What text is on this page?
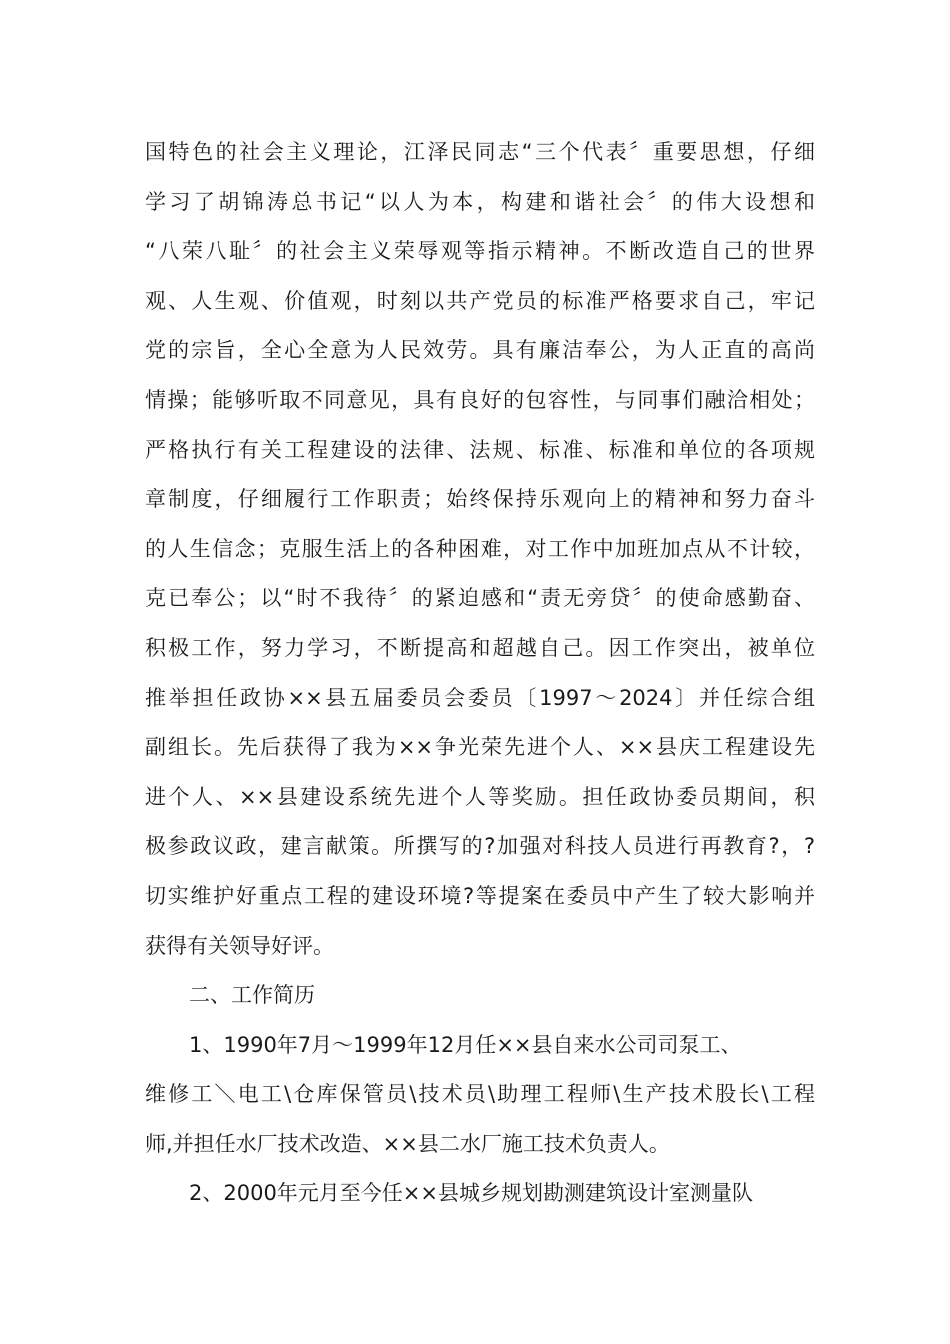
国特色的社会主义理论，江泽民同志“三个代表〞重要思想，仔细
学习了胡锦涛总书记“以人为本，构建和谐社会〞的伟大设想和
“八荣八耻〞的社会主义荣辱观等指示精神。不断改造自己的世界
观、人生观、价值观，时刻以共产党员的标准严格要求自己，牢记
党的宗旨，全心全意为人民效劳。具有廉洁奉公，为人正直的高尚
情操；能够听取不同意见，具有良好的包容性，与同事们融洽相处；
严格执行有关工程建设的法律、法规、标准、标准和单位的各项规
章制度，仔细履行工作职责；始终保持乐观向上的精神和努力奋斗
的人生信念；克服生活上的各种困难，对工作中加班加点从不计较，
克已奉公；以“时不我待〞的紧迫感和“责无旁贷〞的使命感勤奋、
积极工作，努力学习，不断提高和超越自己。因工作突出，被单位
推举担任政协××县五届委员会委员〔1997～2024〕并任综合组
副组长。先后获得了我为××争光荣先进个人、××县庆工程建设先
进个人、××县建设系统先进个人等奖励。担任政协委员期间，积
极参政议政，建言献策。所撰写的?加强对科技人员进行再教育?，?
切实维护好重点工程的建设环境?等提案在委员中产生了较大影响并
获得有关领导好评。
二、工作简历
1、1990年7月～1999年12月任××县自来水公司司泵工、
维修工＼电工\仓库保管员\技术员\助理工程师\生产技术股长\工程
师,并担任水厂技术改造、××县二水厂施工技术负责人。
2、2000年元月至今任××县城乡规划勘测建筑设计室测量队
